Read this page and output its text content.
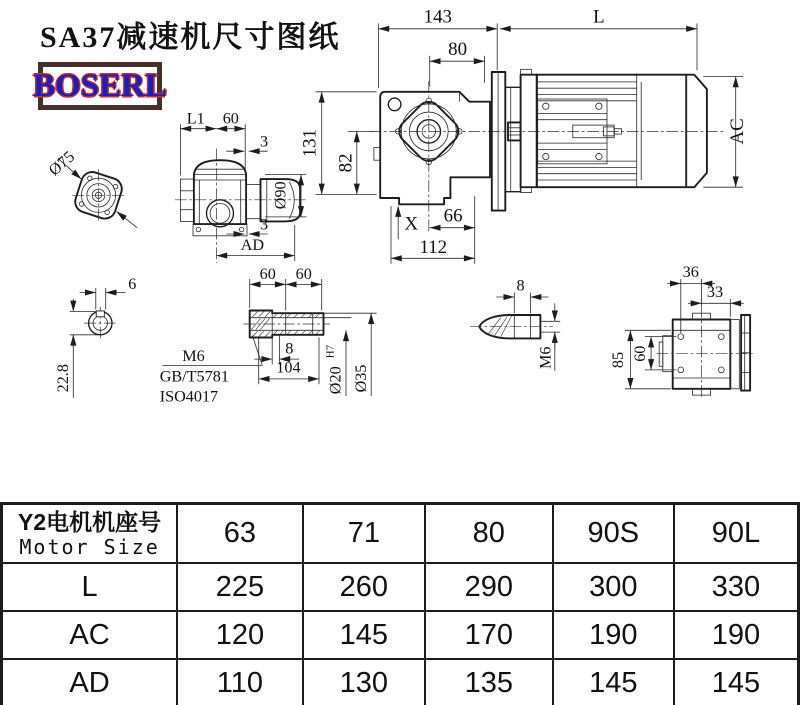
SA37减速机尺寸图纸
BOSERL
143	L
80
131
82
AC
X 66
112
Ø75
L1 60
3
3
Ø90
AD
6
22.8
60 60
8
104 Ø20
H7
Ø35
M6
GB/T5781
ISO4017
8
M6
36
33
85 60
Y2电机机座号
Motor Size	63	71	80	90S	90L
L	225	260	290	300	330
AC	120	145	170	190	190
AD	110	130	135	145	145
